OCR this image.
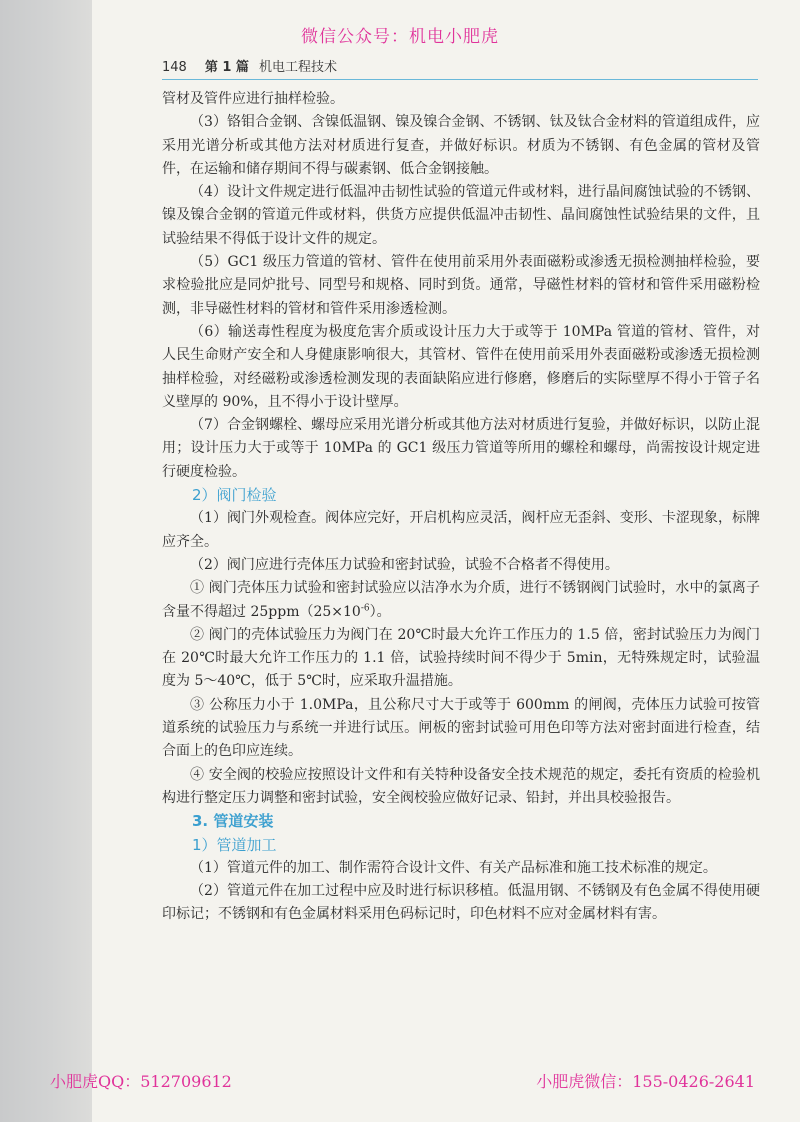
微信公众号：机电小肥虎
148 第 1 篇 机电工程技术

管材及管件应进行抽样检验。

（3）铬钼合金钢、含镍低温钢、镍及镍合金钢、不锈钢、钛及钛合金材料的管道组成件，应采用光谱分析或其他方法对材质进行复查，并做好标识。材质为不锈钢、有色金属的管材及管件，在运输和储存期间不得与碳素钢、低合金钢接触。

（4）设计文件规定进行低温冲击韧性试验的管道元件或材料，进行晶间腐蚀试验的不锈钢、镍及镍合金钢的管道元件或材料，供货方应提供低温冲击韧性、晶间腐蚀性试验结果的文件，且试验结果不得低于设计文件的规定。

（5）GC1 级压力管道的管材、管件在使用前采用外表面磁粉或渗透无损检测抽样检验，要求检验批应是同炉批号、同型号和规格、同时到货。通常，导磁性材料的管材和管件采用磁粉检测，非导磁性材料的管材和管件采用渗透检测。

（6）输送毒性程度为极度危害介质或设计压力大于或等于 10MPa 管道的管材、管件，对人民生命财产安全和人身健康影响很大，其管材、管件在使用前采用外表面磁粉或渗透无损检测抽样检验，对经磁粉或渗透检测发现的表面缺陷应进行修磨，修磨后的实际壁厚不得小于管子名义壁厚的 90%，且不得小于设计壁厚。

（7）合金钢螺栓、螺母应采用光谱分析或其他方法对材质进行复验，并做好标识，以防止混用；设计压力大于或等于 10MPa 的 GC1 级压力管道等所用的螺栓和螺母，尚需按设计规定进行硬度检验。

2）阀门检验

（1）阀门外观检查。阀体应完好，开启机构应灵活，阀杆应无歪斜、变形、卡涩现象，标牌应齐全。

（2）阀门应进行壳体压力试验和密封试验，试验不合格者不得使用。

① 阀门壳体压力试验和密封试验应以洁净水为介质，进行不锈钢阀门试验时，水中的氯离子含量不得超过 $25ppm(25\times 10^{-6})$。

② 阀门的壳体试验压力为阀门在 20℃时最大允许工作压力的 1.5 倍，密封试验压力为阀门在 20℃时最大允许工作压力的 1.1 倍，试验持续时间不得少于 5min，无特殊规定时，试验温度为 5～40℃，低于 5℃时，应采取升温措施。

③ 公称压力小于 1.0MPa，且公称尺寸大于或等于 600mm 的闸阀，壳体压力试验可按管道系统的试验压力与系统一并进行试压。闸板的密封试验可用色印等方法对密封面进行检查，结合面上的色印应连续。

④ 安全阀的校验应按照设计文件和有关特种设备安全技术规范的规定，委托有资质的检验机构进行整定压力调整和密封试验，安全阀校验应做好记录、铅封，并出具校验报告。

3. 管道安装

1）管道加工

（1）管道元件的加工、制作需符合设计文件、有关产品标准和施工技术标准的规定。

（2）管道元件在加工过程中应及时进行标识移植。低温用钢、不锈钢及有色金属不得使用硬印标记；不锈钢和有色金属材料采用色码标记时，印色材料不应对金属材料有害。

小肥虎QQ：512709612	小肥虎微信：155-0426-2641
